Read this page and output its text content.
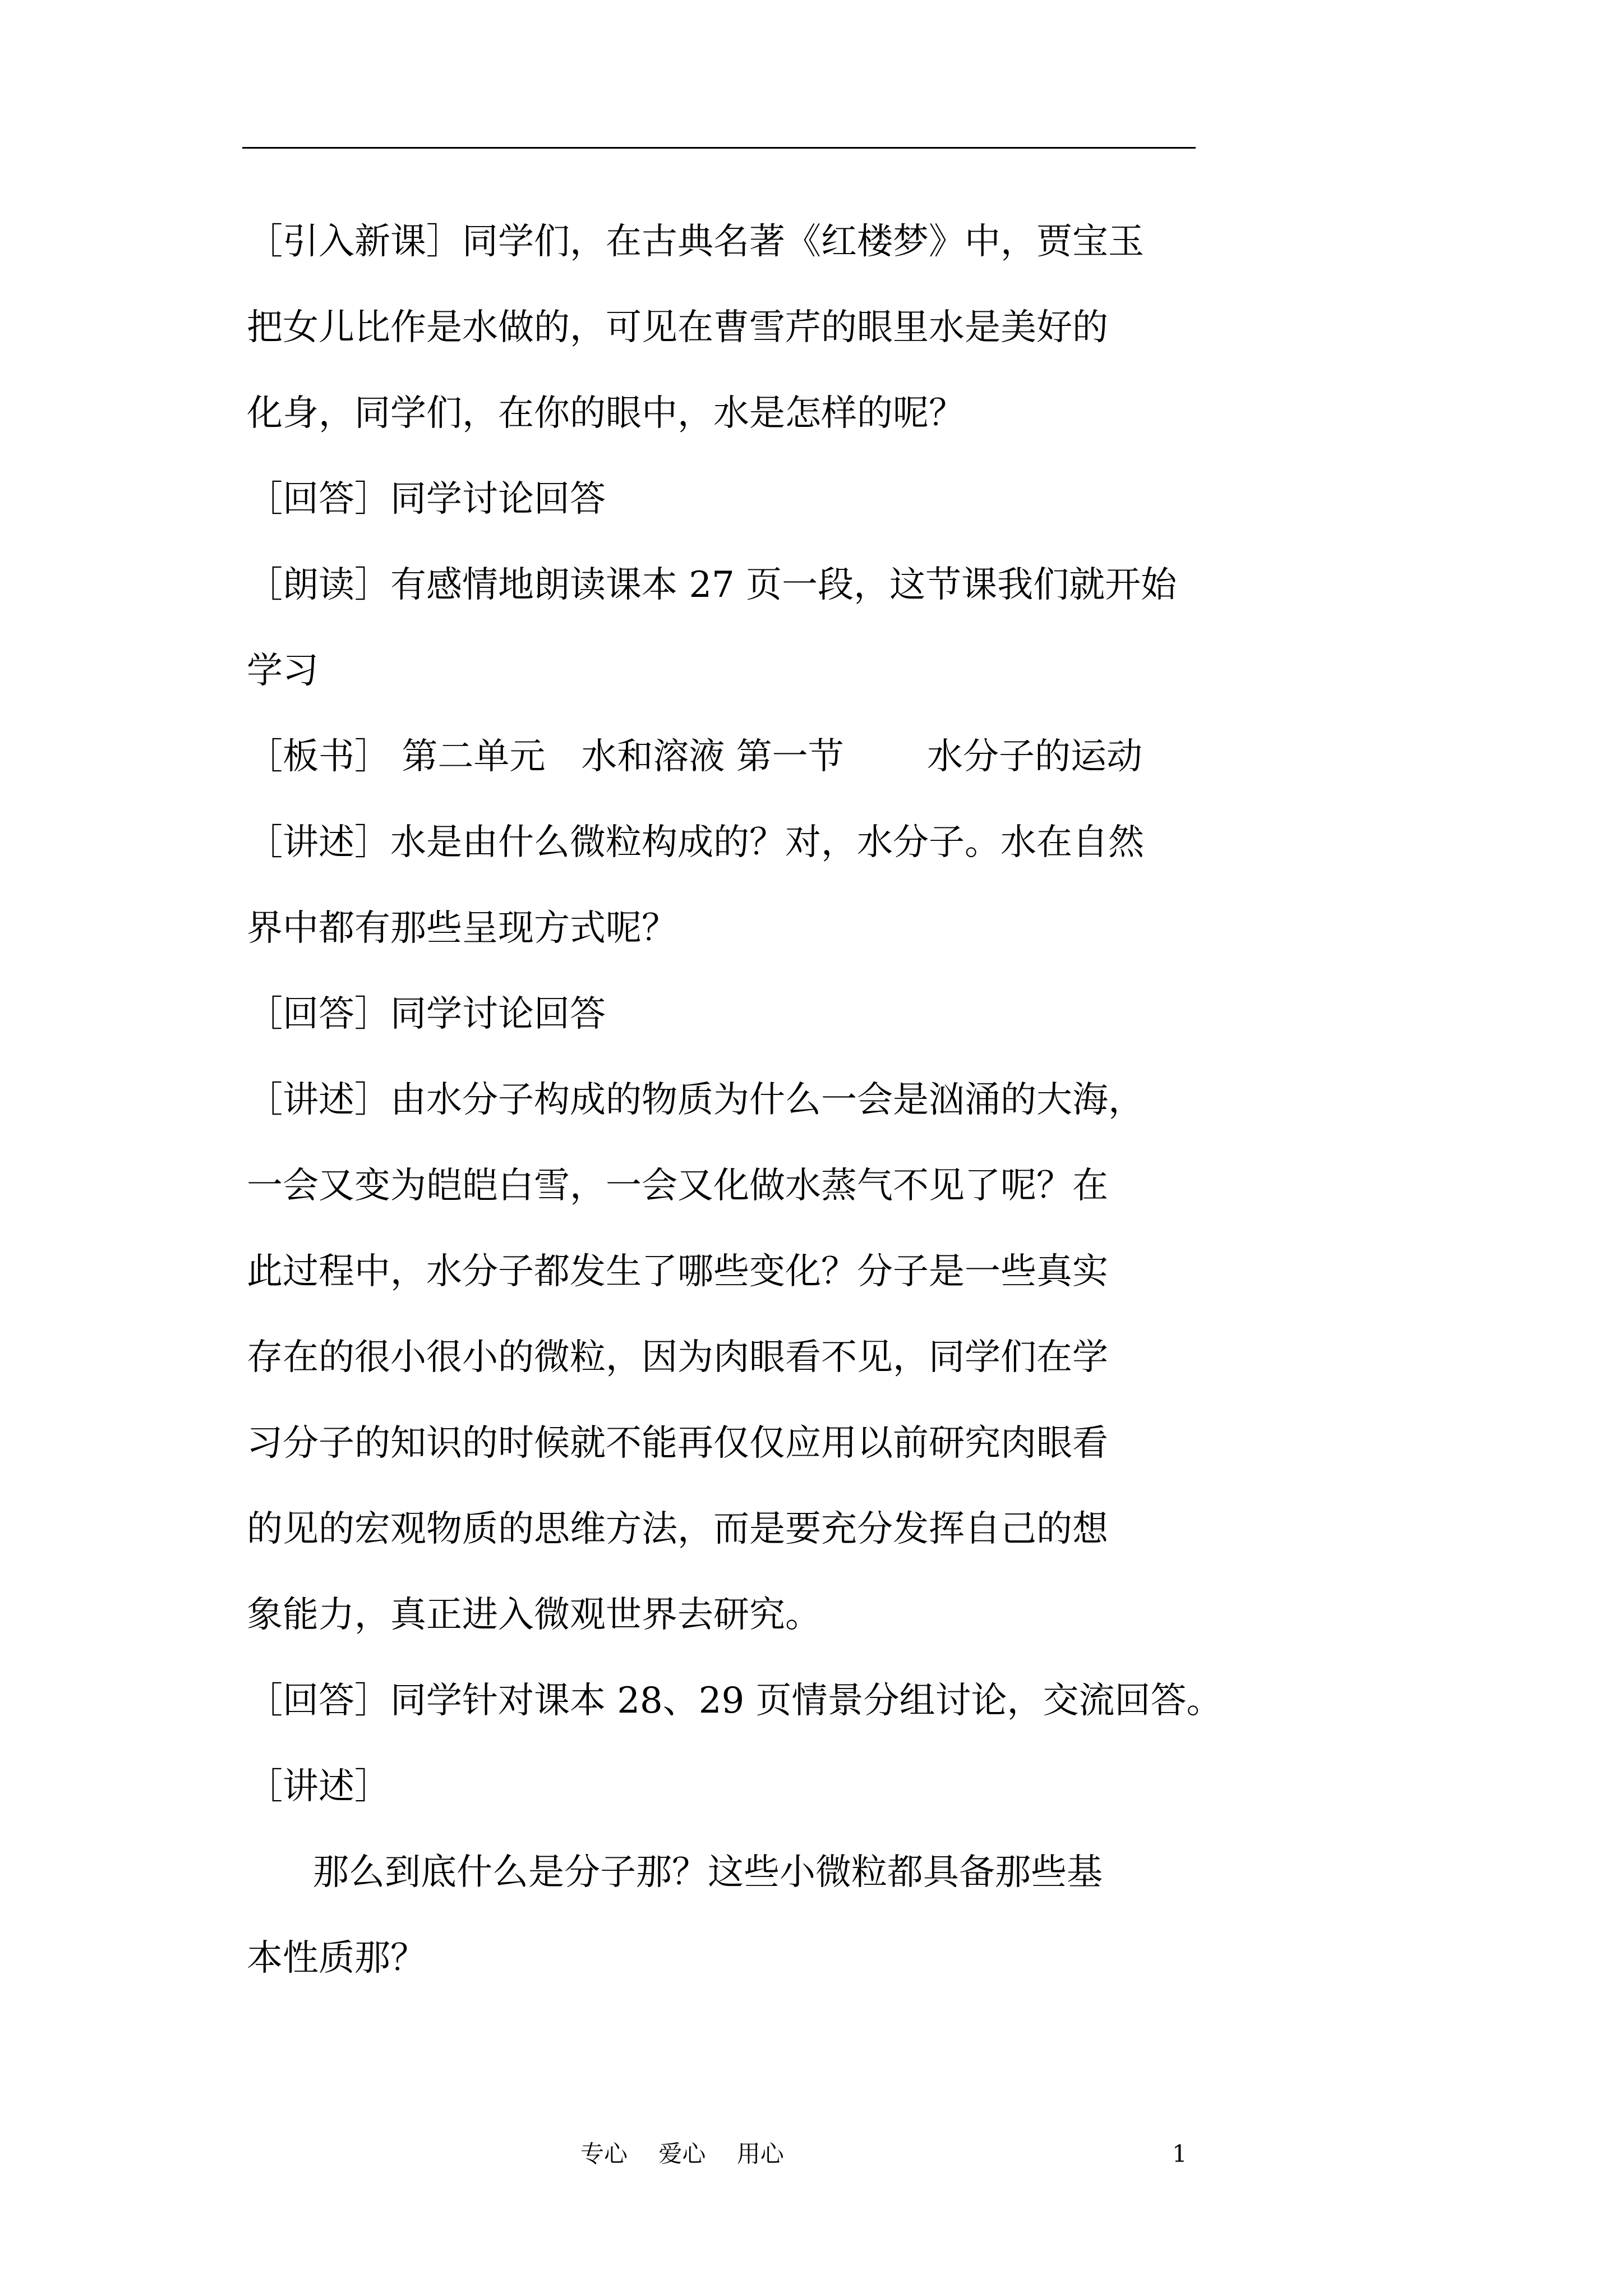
［引入新课］同学们，在古典名著《红楼梦》中，贾宝玉
把女儿比作是水做的，可见在曹雪芹的眼里水是美好的
化身，同学们，在你的眼中，水是怎样的呢？
［回答］同学讨论回答
［朗读］有感情地朗读课本 27 页一段，这节课我们就开始
学习
［板书］ 第二单元　水和溶液 第一节　　 水分子的运动
［讲述］水是由什么微粒构成的？对，水分子。水在自然
界中都有那些呈现方式呢？
［回答］同学讨论回答
［讲述］由水分子构成的物质为什么一会是汹涌的大海，
一会又变为皑皑白雪，一会又化做水蒸气不见了呢？在
此过程中，水分子都发生了哪些变化？分子是一些真实
存在的很小很小的微粒，因为肉眼看不见，同学们在学
习分子的知识的时候就不能再仅仅应用以前研究肉眼看
的见的宏观物质的思维方法，而是要充分发挥自己的想
象能力，真正进入微观世界去研究。
［回答］同学针对课本 28、29 页情景分组讨论，交流回答。
［讲述］
那么到底什么是分子那？这些小微粒都具备那些基
本性质那？
专心　 爱心　 用心	1
